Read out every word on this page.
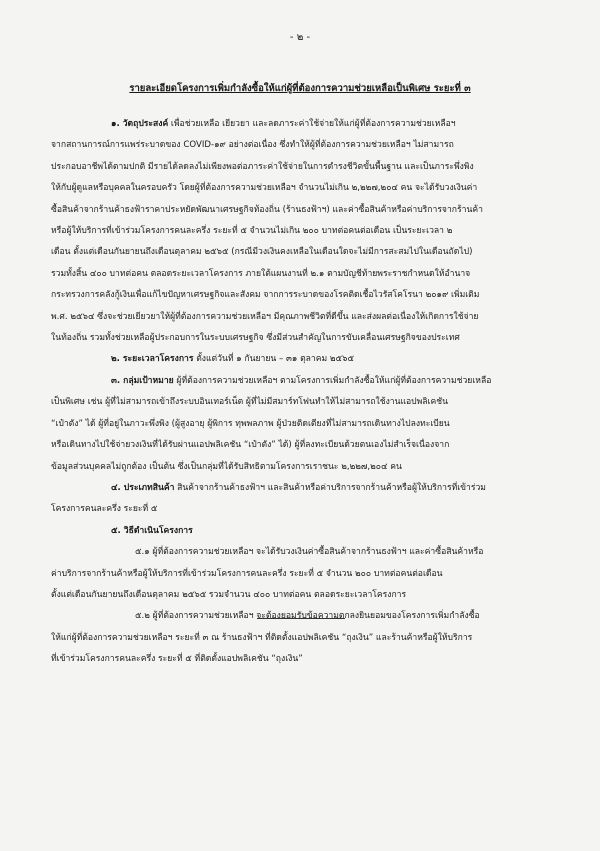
- ๒ -
รายละเอียดโครงการเพิ่มกำลังซื้อให้แก่ผู้ที่ต้องการความช่วยเหลือเป็นพิเศษ ระยะที่ ๓

๑. วัตถุประสงค์ เพื่อช่วยเหลือ เยียวยา และลดภาระค่าใช้จ่ายให้แก่ผู้ที่ต้องการความช่วยเหลือฯ

จากสถานการณ์การแพร่ระบาดของ COVID-๑๙ อย่างต่อเนื่อง ซึ่งทำให้ผู้ที่ต้องการความช่วยเหลือฯ ไม่สามารถ

ประกอบอาชีพได้ตามปกติ มีรายได้ลดลงไม่เพียงพอต่อภาระค่าใช้จ่ายในการดำรงชีวิตขั้นพื้นฐาน และเป็นภาระพึ่งพิง

ให้กับผู้ดูแลหรือบุคคลในครอบครัว โดยผู้ที่ต้องการความช่วยเหลือฯ จำนวนไม่เกิน ๒,๒๒๗,๒๐๔ คน จะได้รับวงเงินค่า

ซื้อสินค้าจากร้านค้าธงฟ้าราคาประหยัดพัฒนาเศรษฐกิจท้องถิ่น (ร้านธงฟ้าฯ) และค่าซื้อสินค้าหรือค่าบริการจากร้านค้า

หรือผู้ให้บริการที่เข้าร่วมโครงการคนละครึ่ง ระยะที่ ๕ จำนวนไม่เกิน ๒๐๐ บาทต่อคนต่อเดือน เป็นระยะเวลา ๒

เดือน ตั้งแต่เดือนกันยายนถึงเดือนตุลาคม ๒๕๖๕ (กรณีมีวงเงินคงเหลือในเดือนใดจะไม่มีการสะสมไปในเดือนถัดไป)

รวมทั้งสิ้น ๔๐๐ บาทต่อคน ตลอดระยะเวลาโครงการ ภายใต้แผนงานที่ ๒.๑ ตามบัญชีท้ายพระราชกำหนดให้อำนาจ

กระทรวงการคลังกู้เงินเพื่อแก้ไขปัญหาเศรษฐกิจและสังคม จากการระบาดของโรคติดเชื้อไวรัสโคโรนา ๒๐๑๙ เพิ่มเติม

พ.ศ. ๒๕๖๔ ซึ่งจะช่วยเยียวยาให้ผู้ที่ต้องการความช่วยเหลือฯ มีคุณภาพชีวิตที่ดีขึ้น และส่งผลต่อเนื่องให้เกิดการใช้จ่าย

ในท้องถิ่น รวมทั้งช่วยเหลือผู้ประกอบการในระบบเศรษฐกิจ ซึ่งมีส่วนสำคัญในการขับเคลื่อนเศรษฐกิจของประเทศ

๒. ระยะเวลาโครงการ ตั้งแต่วันที่ ๑ กันยายน – ๓๑ ตุลาคม ๒๕๖๕

๓. กลุ่มเป้าหมาย ผู้ที่ต้องการความช่วยเหลือฯ ตามโครงการเพิ่มกำลังซื้อให้แก่ผู้ที่ต้องการความช่วยเหลือ

เป็นพิเศษ เช่น ผู้ที่ไม่สามารถเข้าถึงระบบอินเทอร์เน็ต ผู้ที่ไม่มีสมาร์ทโฟนทำให้ไม่สามารถใช้งานแอปพลิเคชัน

“เป๋าตัง” ได้ ผู้ที่อยู่ในภาวะพึ่งพิง (ผู้สูงอายุ ผู้พิการ ทุพพลภาพ ผู้ป่วยติดเตียงที่ไม่สามารถเดินทางไปลงทะเบียน

หรือเดินทางไปใช้จ่ายวงเงินที่ได้รับผ่านแอปพลิเคชัน “เป๋าตัง” ได้) ผู้ที่ลงทะเบียนด้วยตนเองไม่สำเร็จเนื่องจาก

ข้อมูลส่วนบุคคลไม่ถูกต้อง เป็นต้น ซึ่งเป็นกลุ่มที่ได้รับสิทธิตามโครงการเราชนะ ๒,๒๒๗,๒๐๔ คน

๔. ประเภทสินค้า สินค้าจากร้านค้าธงฟ้าฯ และสินค้าหรือค่าบริการจากร้านค้าหรือผู้ให้บริการที่เข้าร่วม

โครงการคนละครึ่ง ระยะที่ ๕

๕. วิธีดำเนินโครงการ

๕.๑ ผู้ที่ต้องการความช่วยเหลือฯ จะได้รับวงเงินค่าซื้อสินค้าจากร้านธงฟ้าฯ และค่าซื้อสินค้าหรือ

ค่าบริการจากร้านค้าหรือผู้ให้บริการที่เข้าร่วมโครงการคนละครึ่ง ระยะที่ ๕ จำนวน ๒๐๐ บาทต่อคนต่อเดือน

ตั้งแต่เดือนกันยายนถึงเดือนตุลาคม ๒๕๖๕ รวมจำนวน ๔๐๐ บาทต่อคน ตลอดระยะเวลาโครงการ

๕.๒ ผู้ที่ต้องการความช่วยเหลือฯ จะต้องยอมรับข้อความตกลงยินยอมของโครงการเพิ่มกำลังซื้อ

ให้แก่ผู้ที่ต้องการความช่วยเหลือฯ ระยะที่ ๓ ณ ร้านธงฟ้าฯ ที่ติดตั้งแอปพลิเคชัน “ถุงเงิน” และร้านค้าหรือผู้ให้บริการ

ที่เข้าร่วมโครงการคนละครึ่ง ระยะที่ ๕ ที่ติดตั้งแอปพลิเคชัน “ถุงเงิน”
